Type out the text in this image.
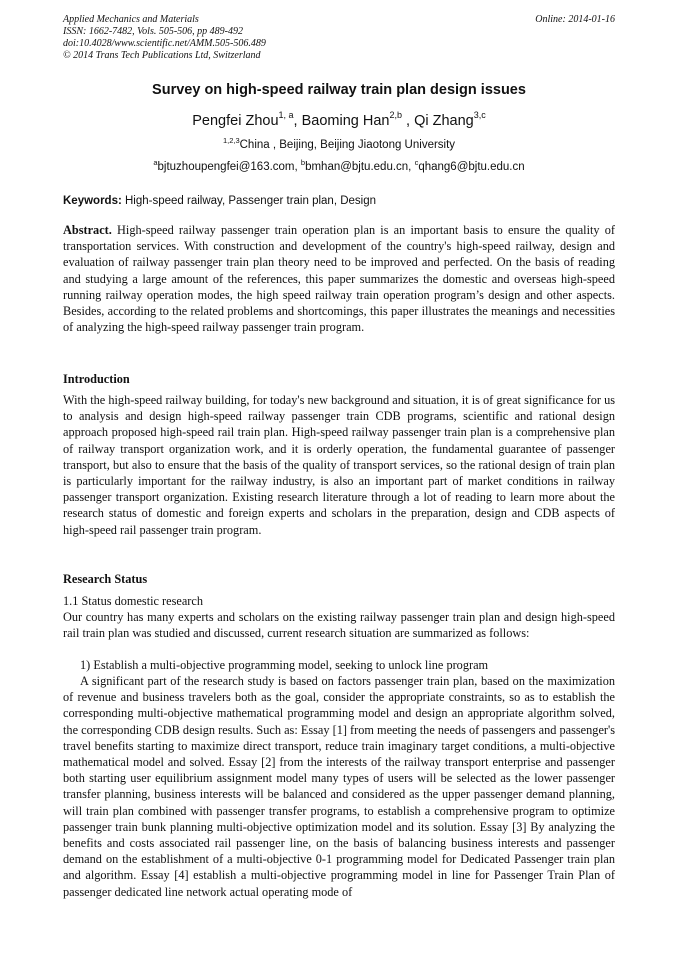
Applied Mechanics and Materials
ISSN: 1662-7482, Vols. 505-506, pp 489-492
doi:10.4028/www.scientific.net/AMM.505-506.489
© 2014 Trans Tech Publications Ltd, Switzerland
Online: 2014-01-16
Survey on high-speed railway train plan design issues
Pengfei Zhou$^{1, a}$, Baoming Han$^{2,b}$ , Qi Zhang$^{3,c}$
$^{1,2,3}$China , Beijing, Beijing Jiaotong University
$^a$bjtuzhoupengfei@163.com, $^b$bmhan@bjtu.edu.cn, $^c$qhang6@bjtu.edu.cn
Keywords: High-speed railway, Passenger train plan, Design
Abstract. High-speed railway passenger train operation plan is an important basis to ensure the quality of transportation services. With construction and development of the country's high-speed railway, design and evaluation of railway passenger train plan theory need to be improved and perfected. On the basis of reading and studying a large amount of the references, this paper summarizes the domestic and overseas high-speed running railway operation modes, the high speed railway train operation program’s design and other aspects. Besides, according to the related problems and shortcomings, this paper illustrates the meanings and necessities of analyzing the high-speed railway passenger train program.
Introduction
With the high-speed railway building, for today's new background and situation, it is of great significance for us to analysis and design high-speed railway passenger train CDB programs, scientific and rational design approach proposed high-speed rail train plan. High-speed railway passenger train plan is a comprehensive plan of railway transport organization work, and it is orderly operation, the fundamental guarantee of passenger transport, but also to ensure that the basis of the quality of transport services, so the rational design of train plan is particularly important for the railway industry, is also an important part of market conditions in railway passenger transport organization. Existing research literature through a lot of reading to learn more about the research status of domestic and foreign experts and scholars in the preparation, design and CDB aspects of high-speed rail passenger train program.
Research Status
1.1 Status domestic research
Our country has many experts and scholars on the existing railway passenger train plan and design high-speed rail train plan was studied and discussed, current research situation are summarized as follows:
1) Establish a multi-objective programming model, seeking to unlock line program
A significant part of the research study is based on factors passenger train plan, based on the maximization of revenue and business travelers both as the goal, consider the appropriate constraints, so as to establish the corresponding multi-objective mathematical programming model and design an appropriate algorithm solved, the corresponding CDB design results. Such as: Essay [1] from meeting the needs of passengers and passenger's travel benefits starting to maximize direct transport, reduce train imaginary target conditions, a multi-objective mathematical model and solved. Essay [2] from the interests of the railway transport enterprise and passenger both starting user equilibrium assignment model many types of users will be selected as the lower passenger transfer planning, business interests will be balanced and considered as the upper passenger demand planning, will train plan combined with passenger transfer programs, to establish a comprehensive program to optimize passenger train bunk planning multi-objective optimization model and its solution. Essay [3] By analyzing the benefits and costs associated rail passenger line, on the basis of balancing business interests and passenger demand on the establishment of a multi-objective 0-1 programming model for Dedicated Passenger train plan and algorithm. Essay [4] establish a multi-objective programming model in line for Passenger Train Plan of passenger dedicated line network actual operating mode of
